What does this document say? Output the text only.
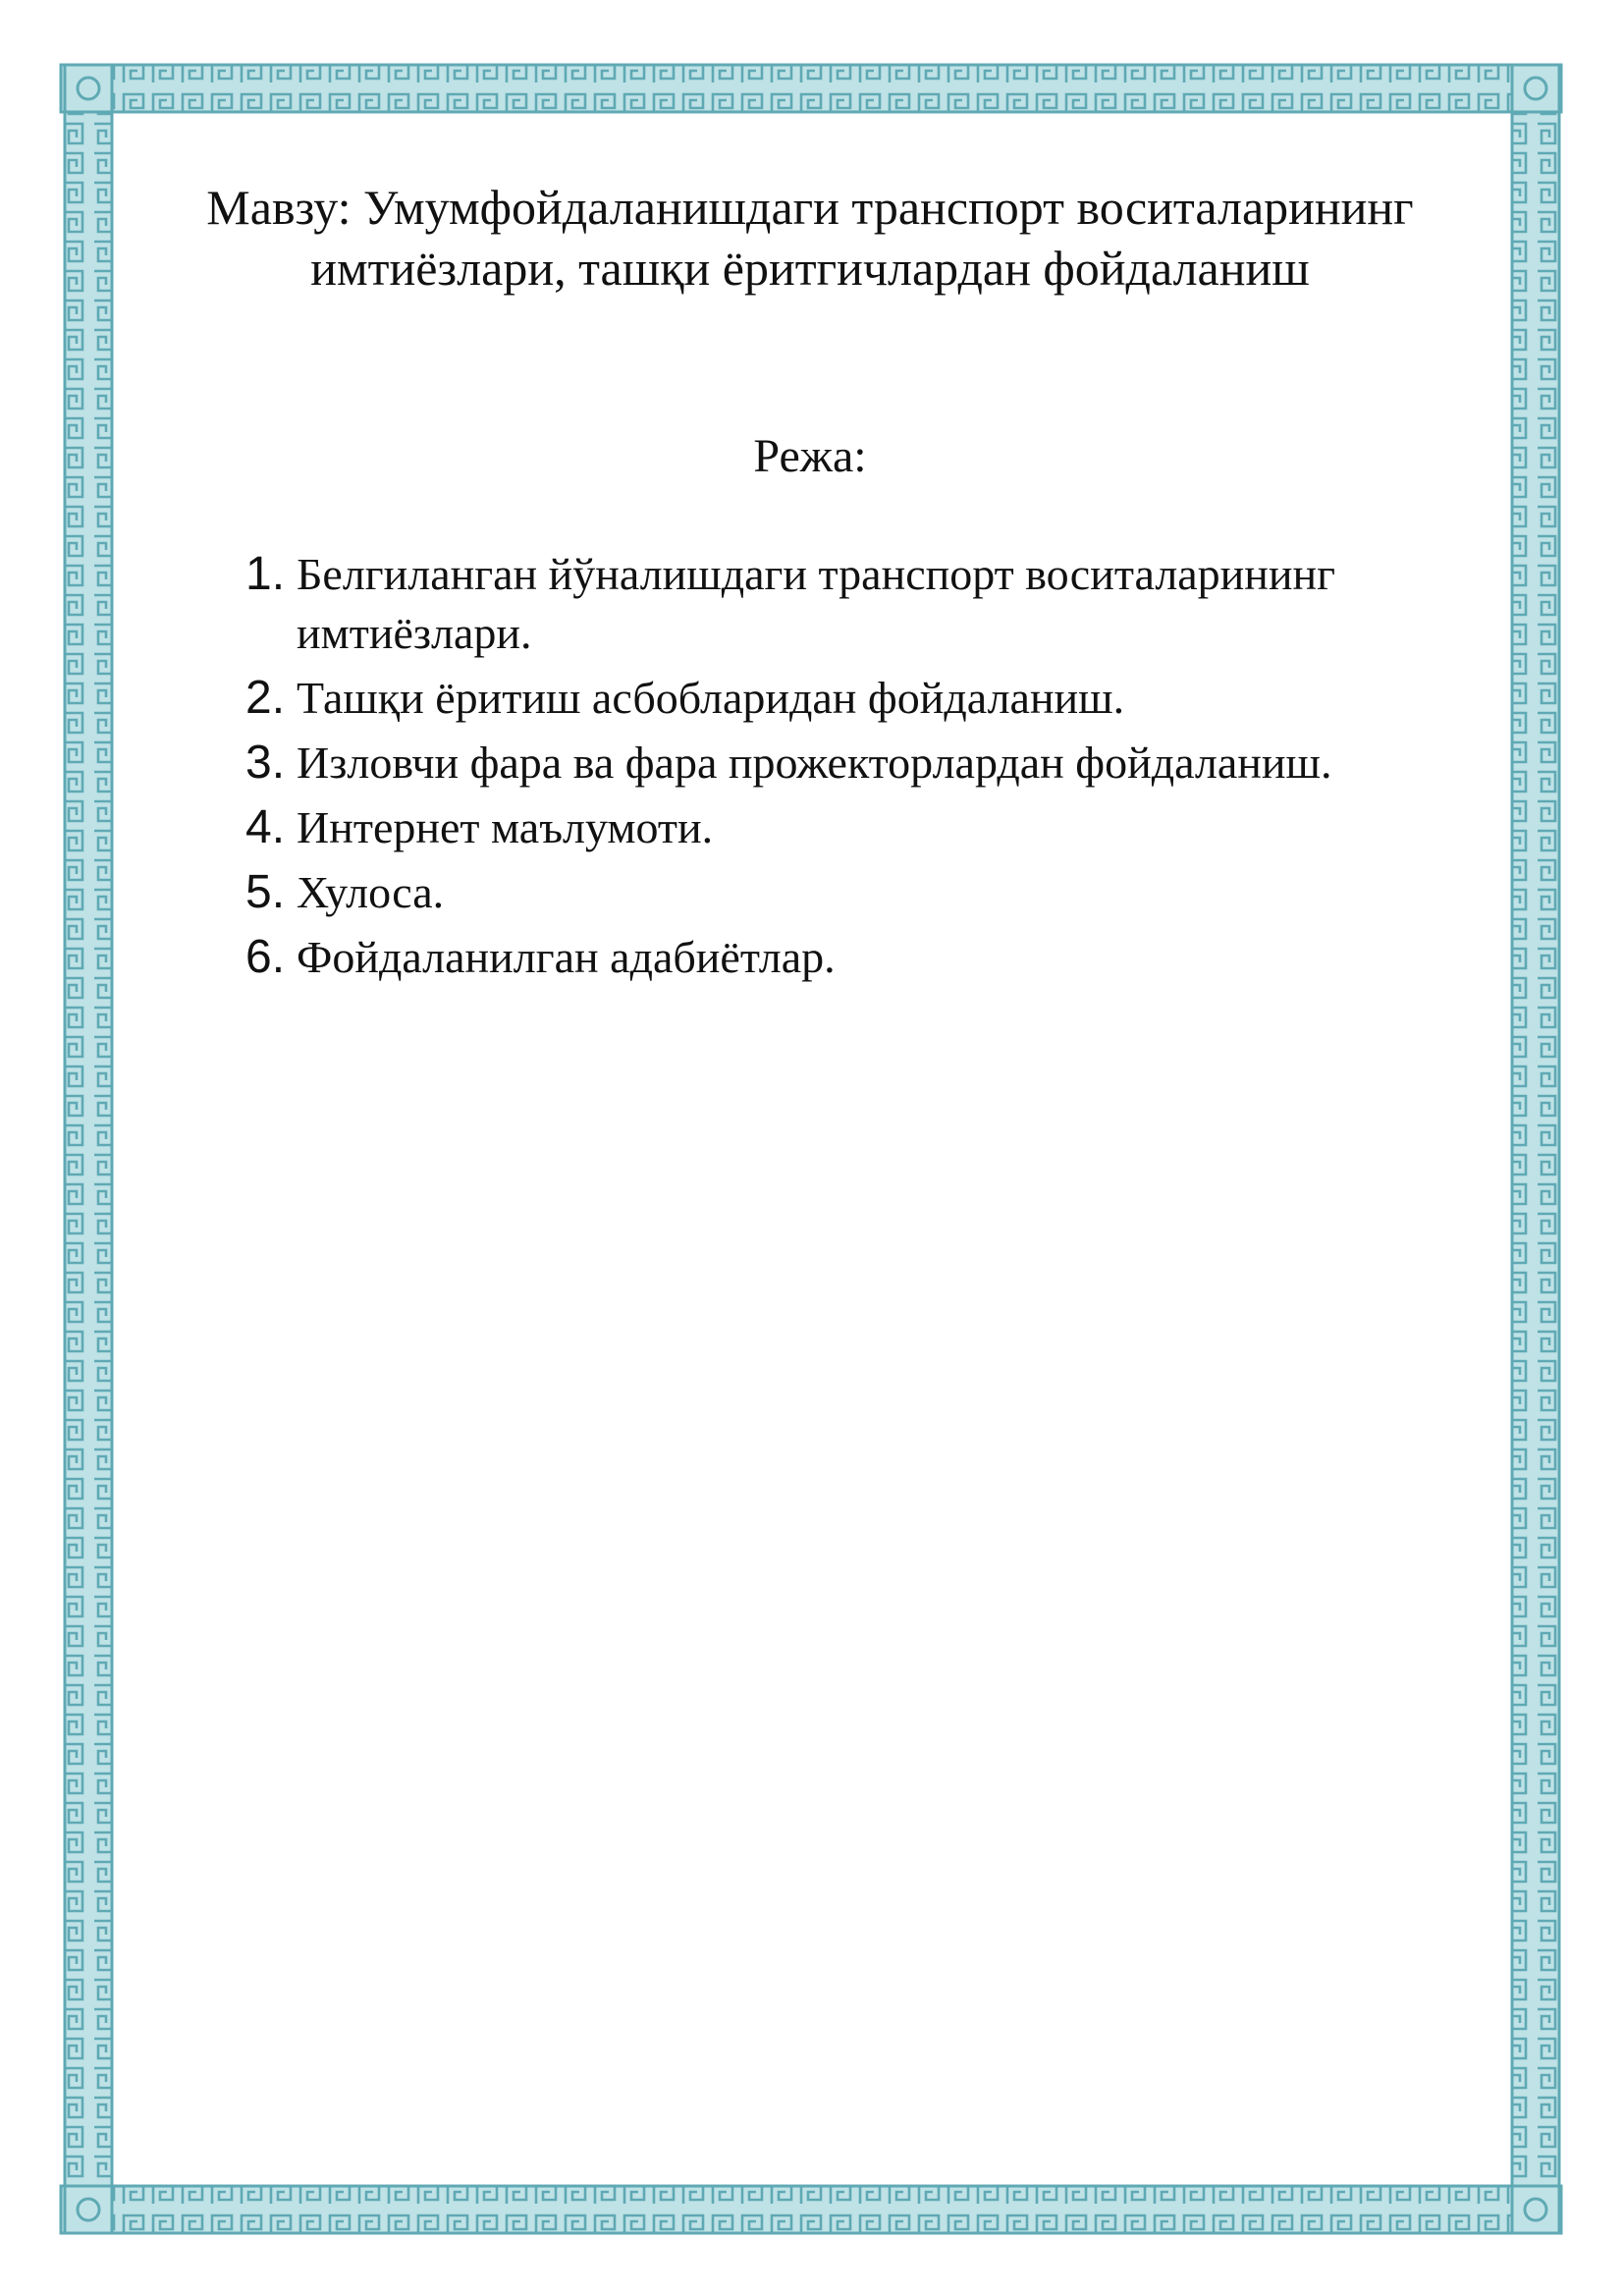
Мавзу: Умумфойдаланишдаги транспорт воситаларининг
имтиёзлари, ташқи ёритгичлардан фойдаланиш
Режа:
1. Белгиланган йўналишдаги транспорт воситаларининг имтиёзлари.
2. Ташқи ёритиш асбобларидан фойдаланиш.
3. Изловчи фара ва фара прожекторлардан фойдаланиш.
4. Интернет маълумоти.
5. Хулоса.
6. Фойдаланилган адабиётлар.
